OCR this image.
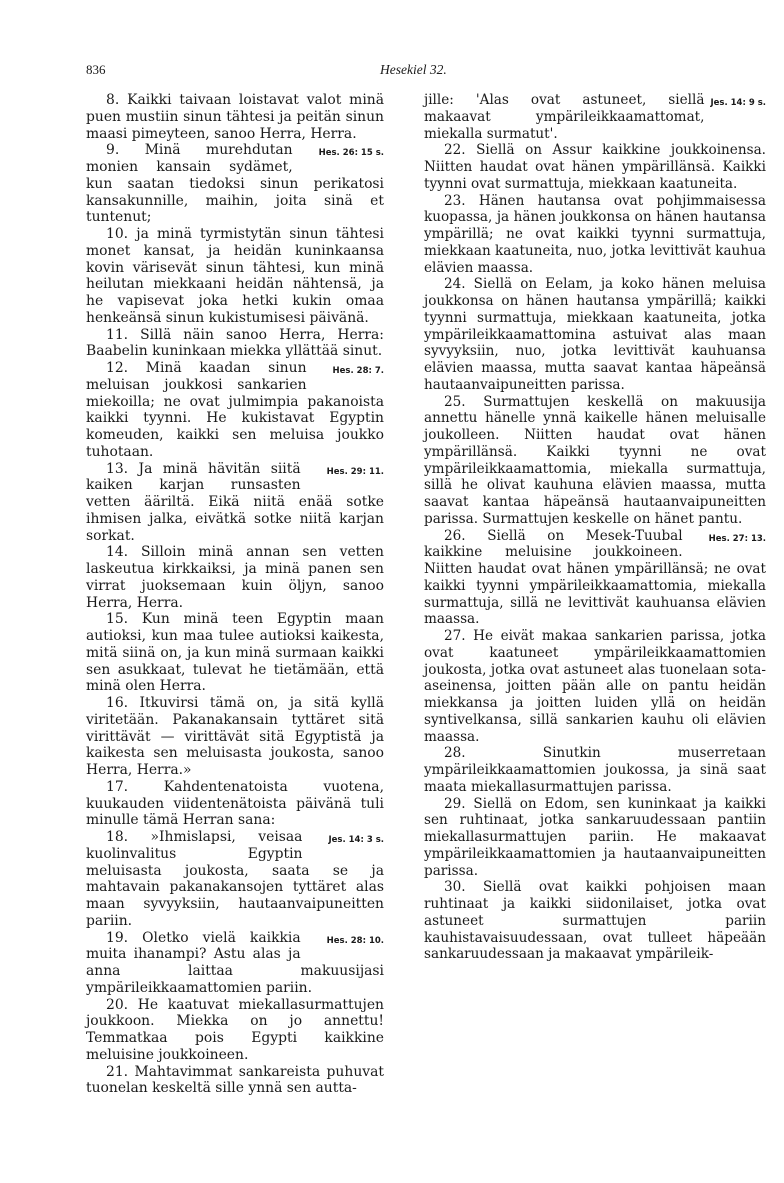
836	Hesekiel 32.

8. Kaikki taivaan loistavat valot minä puen mustiin sinun tähtesi ja peitän sinun maasi pimeyteen, sanoo Herra, Herra.

Hes. 26: 15 s.
9. Minä murehdutan monien kansain sydämet, kun saatan tiedoksi sinun perikatosi kansakunnille, maihin, joita sinä et tuntenut;

10. ja minä tyrmistytän sinun tähtesi monet kansat, ja heidän kuninkaansa kovin värisevät sinun tähtesi, kun minä heilutan miekkaani heidän nähtensä, ja he vapisevat joka hetki kukin omaa henkeänsä sinun kukistumisesi päivänä.

11. Sillä näin sanoo Herra, Herra: Baabelin kuninkaan miekka yllättää sinut.

Hes. 28: 7.
12. Minä kaadan sinun meluisan joukkosi sankarien miekoilla; ne ovat julmimpia pakanoista kaikki tyynni. He kukistavat Egyptin komeuden, kaikki sen meluisa joukko tuhotaan.

Hes. 29: 11.
13. Ja minä hävitän siitä kaiken karjan runsasten vetten ääriltä. Eikä niitä enää sotke ihmisen jalka, eivätkä sotke niitä karjan sorkat.

14. Silloin minä annan sen vetten laskeutua kirkkaiksi, ja minä panen sen virrat juoksemaan kuin öljyn, sanoo Herra, Herra.

15. Kun minä teen Egyptin maan autioksi, kun maa tulee autioksi kaikesta, mitä siinä on, ja kun minä surmaan kaikki sen asukkaat, tulevat he tietämään, että minä olen Herra.

16. Itkuvirsi tämä on, ja sitä kyllä viritetään. Pakanakansain tyttäret sitä virittävät — virittävät sitä Egyptistä ja kaikesta sen meluisasta joukosta, sanoo Herra, Herra.»

17. Kahdentenatoista vuotena, kuukauden viidentenätoista päivänä tuli minulle tämä Herran sana:

Jes. 14: 3 s.
18. »Ihmislapsi, veisaa kuolinvalitus Egyptin meluisasta joukosta, saata se ja mahtavain pakanakansojen tyttäret alas maan syvyyksiin, hautaanvaipuneitten pariin.

Hes. 28: 10.
19. Oletko vielä kaikkia muita ihanampi? Astu alas ja anna laittaa makuusijasi ympärileikkaamattomien pariin.

20. He kaatuvat miekallasurmattujen joukkoon. Miekka on jo annettu! Temmatkaa pois Egypti kaikkine meluisine joukkoineen.

21. Mahtavimmat sankareista puhuvat tuonelan keskeltä sille ynnä sen autta-

Jes. 14: 9 s.
jille: 'Alas ovat astuneet, siellä makaavat ympärileikkaamattomat, miekalla surmatut'.

22. Siellä on Assur kaikkine joukkoinensa. Niitten haudat ovat hänen ympärillänsä. Kaikki tyynni ovat surmattuja, miekkaan kaatuneita.

23. Hänen hautansa ovat pohjimmaisessa kuopassa, ja hänen joukkonsa on hänen hautansa ympärillä; ne ovat kaikki tyynni surmattuja, miekkaan kaatuneita, nuo, jotka levittivät kauhua elävien maassa.

24. Siellä on Eelam, ja koko hänen meluisa joukkonsa on hänen hautansa ympärillä; kaikki tyynni surmattuja, miekkaan kaatuneita, jotka ympärileikkaamattomina astuivat alas maan syvyyksiin, nuo, jotka levittivät kauhuansa elävien maassa, mutta saavat kantaa häpeänsä hautaanvaipuneitten parissa.

25. Surmattujen keskellä on makuusija annettu hänelle ynnä kaikelle hänen meluisalle joukolleen. Niitten haudat ovat hänen ympärillänsä. Kaikki tyynni ne ovat ympärileikkaamattomia, miekalla surmattuja, sillä he olivat kauhuna elävien maassa, mutta saavat kantaa häpeänsä hautaanvaipuneitten parissa. Surmattujen keskelle on hänet pantu.

Hes. 27: 13.
26. Siellä on Mesek-Tuubal kaikkine meluisine joukkoineen. Niitten haudat ovat hänen ympärillänsä; ne ovat kaikki tyynni ympärileikkaamattomia, miekalla surmattuja, sillä ne levittivät kauhuansa elävien maassa.

27. He eivät makaa sankarien parissa, jotka ovat kaatuneet ympärileikkaamattomien joukosta, jotka ovat astuneet alas tuonelaan sota-aseinensa, joitten pään alle on pantu heidän miekkansa ja joitten luiden yllä on heidän syntivelkansa, sillä sankarien kauhu oli elävien maassa.

28. Sinutkin muserretaan ympärileikkaamattomien joukossa, ja sinä saat maata miekallasurmattujen parissa.

29. Siellä on Edom, sen kuninkaat ja kaikki sen ruhtinaat, jotka sankaruudessaan pantiin miekallasurmattujen pariin. He makaavat ympärileikkaamattomien ja hautaanvaipuneitten parissa.

30. Siellä ovat kaikki pohjoisen maan ruhtinaat ja kaikki siidonilaiset, jotka ovat astuneet surmattujen pariin kauhistavaisuudessaan, ovat tulleet häpeään sankaruudessaan ja makaavat ympärileik-
